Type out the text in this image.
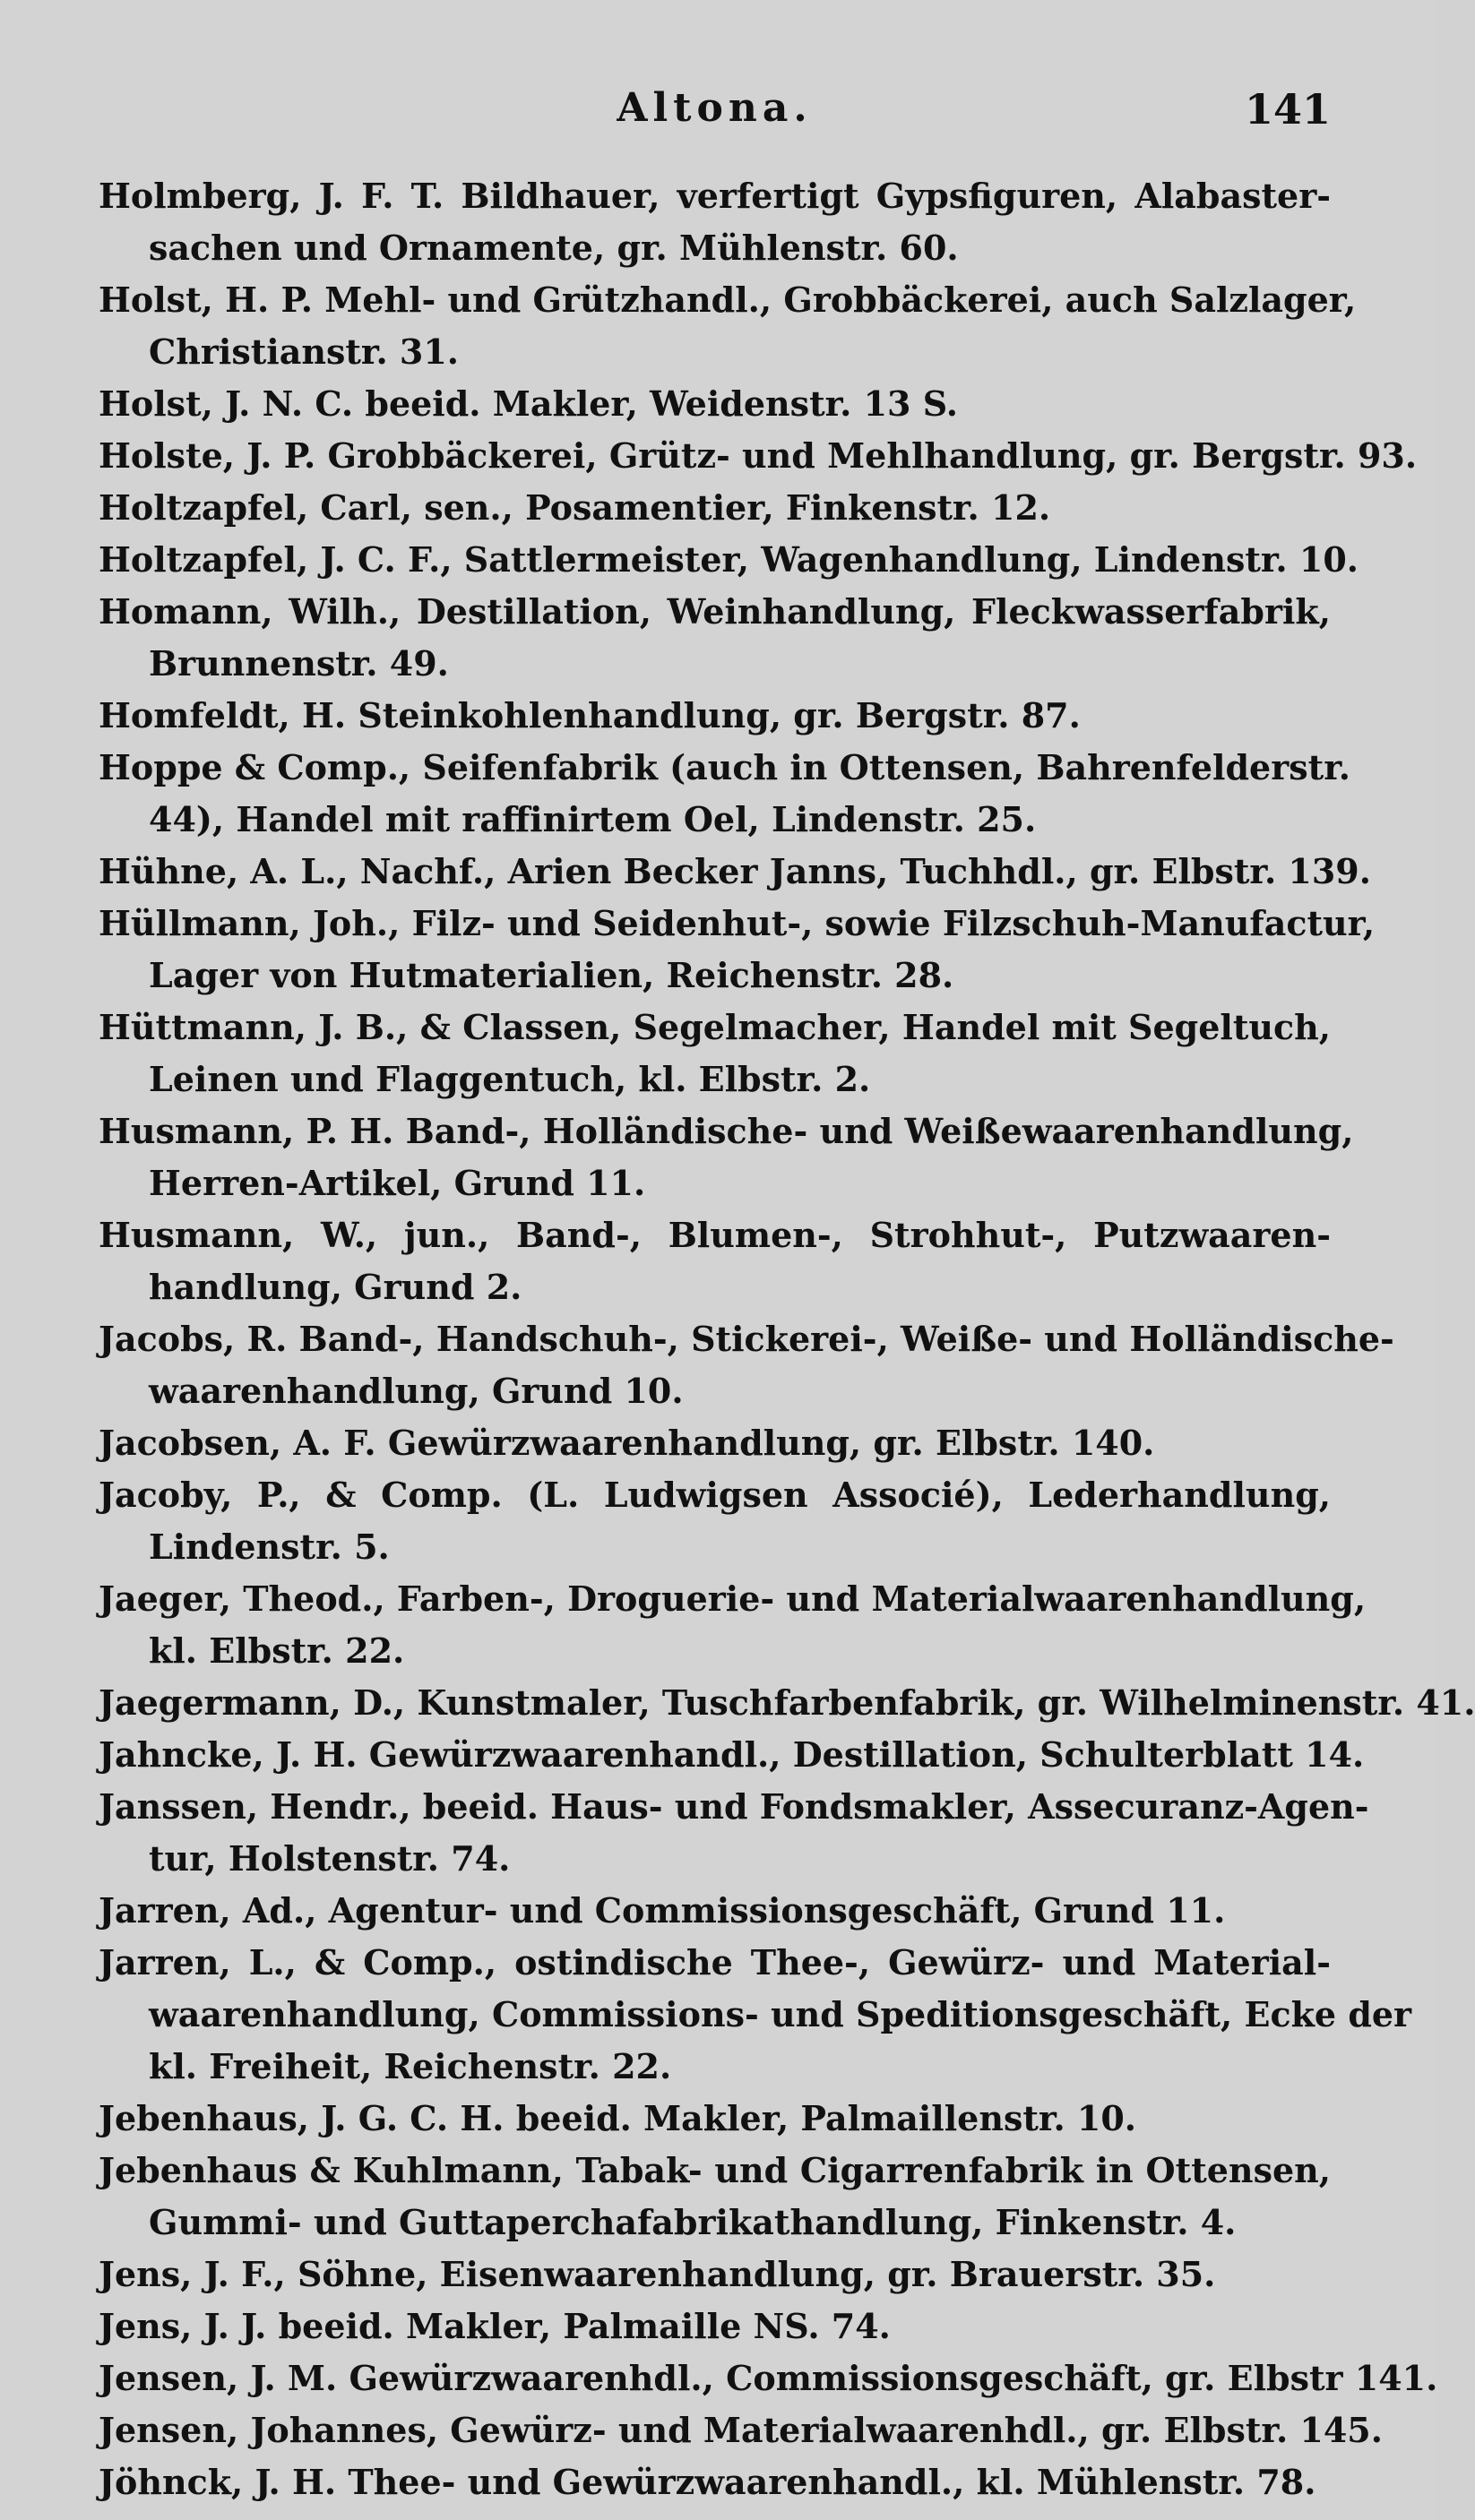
Altona.	141
Holmberg, J. F. T. Bildhauer, verfertigt Gypsfiguren, Alabaster-
sachen und Ornamente, gr. Mühlenstr. 60.
Holst, H. P. Mehl- und Grützhandl., Grobbäckerei, auch Salzlager,
Christianstr. 31.
Holst, J. N. C. beeid. Makler, Weidenstr. 13 S.
Holste, J. P. Grobbäckerei, Grütz- und Mehlhandlung, gr. Bergstr. 93.
Holtzapfel, Carl, sen., Posamentier, Finkenstr. 12.
Holtzapfel, J. C. F., Sattlermeister, Wagenhandlung, Lindenstr. 10.
Homann, Wilh., Destillation, Weinhandlung, Fleckwasserfabrik,
Brunnenstr. 49.
Homfeldt, H. Steinkohlenhandlung, gr. Bergstr. 87.
Hoppe & Comp., Seifenfabrik (auch in Ottensen, Bahrenfelderstr.
44), Handel mit raffinirtem Oel, Lindenstr. 25.
Hühne, A. L., Nachf., Arien Becker Janns, Tuchhdl., gr. Elbstr. 139.
Hüllmann, Joh., Filz- und Seidenhut-, sowie Filzschuh-Manufactur,
Lager von Hutmaterialien, Reichenstr. 28.
Hüttmann, J. B., & Classen, Segelmacher, Handel mit Segeltuch,
Leinen und Flaggentuch, kl. Elbstr. 2.
Husmann, P. H. Band-, Holländische- und Weißewaarenhandlung,
Herren-Artikel, Grund 11.
Husmann, W., jun., Band-, Blumen-, Strohhut-, Putzwaaren-
handlung, Grund 2.
Jacobs, R. Band-, Handschuh-, Stickerei-, Weiße- und Holländische-
waarenhandlung, Grund 10.
Jacobsen, A. F. Gewürzwaarenhandlung, gr. Elbstr. 140.
Jacoby, P., & Comp. (L. Ludwigsen Associé), Lederhandlung,
Lindenstr. 5.
Jaeger, Theod., Farben-, Droguerie- und Materialwaarenhandlung,
kl. Elbstr. 22.
Jaegermann, D., Kunstmaler, Tuschfarbenfabrik, gr. Wilhelminenstr. 41.
Jahncke, J. H. Gewürzwaarenhandl., Destillation, Schulterblatt 14.
Janssen, Hendr., beeid. Haus- und Fondsmakler, Assecuranz-Agen-
tur, Holstenstr. 74.
Jarren, Ad., Agentur- und Commissionsgeschäft, Grund 11.
Jarren, L., & Comp., ostindische Thee-, Gewürz- und Material-
waarenhandlung, Commissions- und Speditionsgeschäft, Ecke der
kl. Freiheit, Reichenstr. 22.
Jebenhaus, J. G. C. H. beeid. Makler, Palmaillenstr. 10.
Jebenhaus & Kuhlmann, Tabak- und Cigarrenfabrik in Ottensen,
Gummi- und Guttaperchafabrikathandlung, Finkenstr. 4.
Jens, J. F., Söhne, Eisenwaarenhandlung, gr. Brauerstr. 35.
Jens, J. J. beeid. Makler, Palmaille NS. 74.
Jensen, J. M. Gewürzwaarenhdl., Commissionsgeschäft, gr. Elbstr 141.
Jensen, Johannes, Gewürz- und Materialwaarenhdl., gr. Elbstr. 145.
Jöhnck, J. H. Thee- und Gewürzwaarenhandl., kl. Mühlenstr. 78.
